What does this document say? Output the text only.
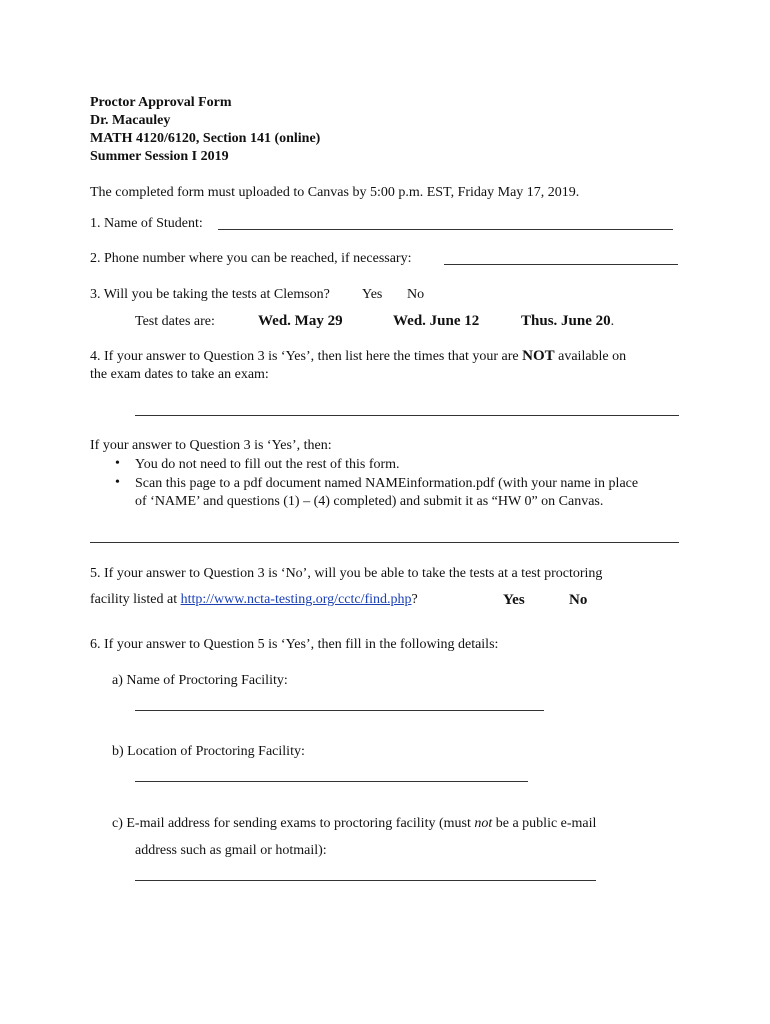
Proctor Approval Form
Dr. Macauley
MATH 4120/6120, Section 141 (online)
Summer Session I 2019
The completed form must uploaded to Canvas by 5:00 p.m. EST, Friday May 17, 2019.
1. Name of Student:
2. Phone number where you can be reached, if necessary:
3. Will you be taking the tests at Clemson? Yes No
Test dates are:	Wed. May 29	Wed. June 12	Thus. June 20.
4. If your answer to Question 3 is ‘Yes’, then list here the times that your are NOT available on
the exam dates to take an exam:
If your answer to Question 3 is ‘Yes’, then:
• You do not need to fill out the rest of this form.
• Scan this page to a pdf document named NAMEinformation.pdf (with your name in place
of ‘NAME’ and questions (1) – (4) completed) and submit it as “HW 0” on Canvas.
5. If your answer to Question 3 is ‘No’, will you be able to take the tests at a test proctoring
facility listed at http://www.ncta-testing.org/cctc/find.php?	Yes	No
6. If your answer to Question 5 is ‘Yes’, then fill in the following details:
a) Name of Proctoring Facility:
b) Location of Proctoring Facility:
c) E-mail address for sending exams to proctoring facility (must not be a public e-mail
address such as gmail or hotmail):
